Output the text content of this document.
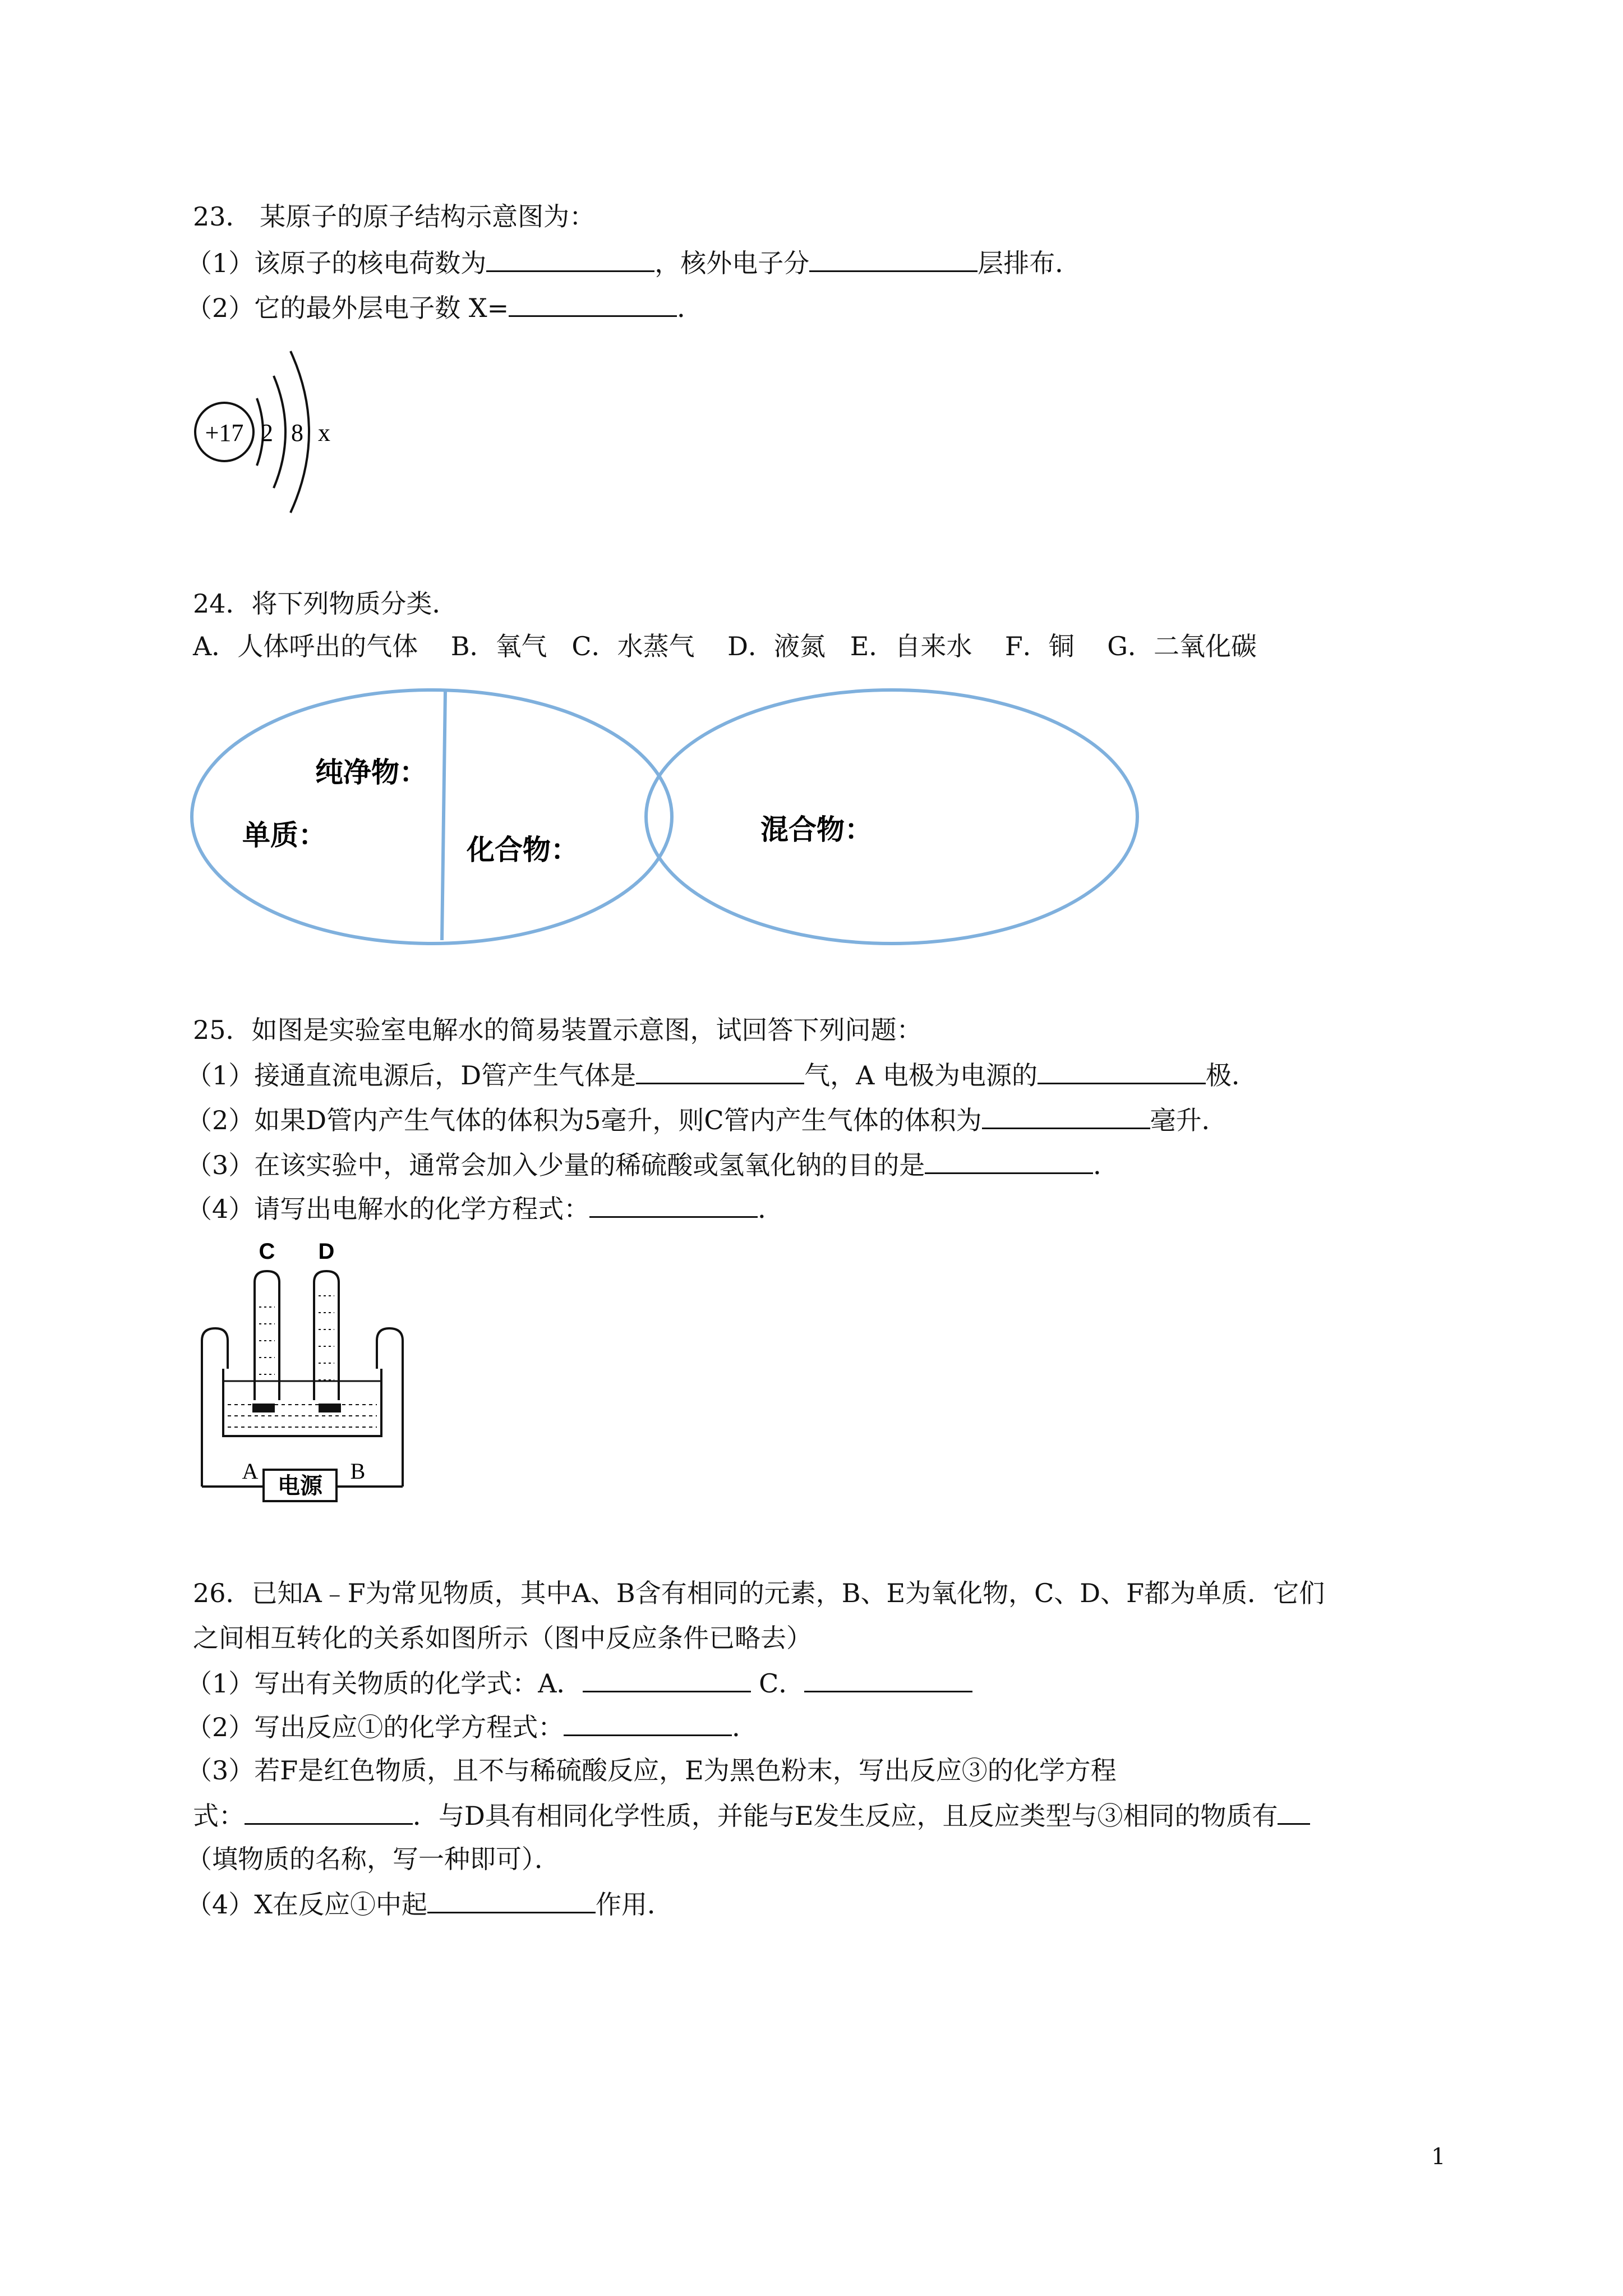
23． 某原子的原子结构示意图为：
（1）该原子的核电荷数为	，核外电子分	层排布．
（2）它的最外层电子数 X=	．
+17 2 8 x
24．将下列物质分类．
A．人体呼出的气体    B．氧气   C．水蒸气    D．液氮   E．自来水    F．铜    G．二氧化碳
纯净物：
单质：	化合物：
混合物：
25．如图是实验室电解水的简易装置示意图，试回答下列问题：
（1）接通直流电源后，D管产生气体是	气，A 电极为电源的	极．
（2）如果D管内产生气体的体积为5毫升，则C管内产生气体的体积为	毫升．
（3）在该实验中，通常会加入少量的稀硫酸或氢氧化钠的目的是	．
（4）请写出电解水的化学方程式：	．
C D
电源
A	B
26．已知A﹣F为常见物质，其中A、B含有相同的元素，B、E为氧化物，C、D、F都为单质．它们
之间相互转化的关系如图所示（图中反应条件已略去）
（1）写出有关物质的化学式：A．	C．
（2）写出反应①的化学方程式：	．
（3）若F是红色物质，且不与稀硫酸反应，E为黑色粉末，写出反应③的化学方程
式：	．与D具有相同化学性质，并能与E发生反应，且反应类型与③相同的物质有
（填物质的名称，写一种即可）．
（4）X在反应①中起	作用．
1
